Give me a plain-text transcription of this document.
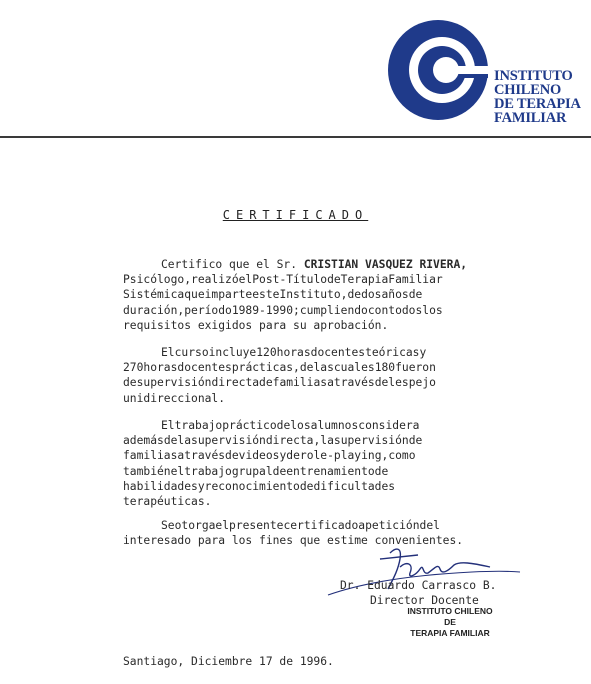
INSTITUTO
CHILENO
DE TERAPIA
FAMILIAR
CERTIFICADO
Certifico que el Sr. CRISTIAN VASQUEZ RIVERA,
Psicólogo,realizóelPost-TítulodeTerapiaFamiliar
SistémicaqueimparteesteInstituto,dedosañosde
duración,período1989-1990;cumpliendocontodoslos
requisitos exigidos para su aprobación.
Elcursoincluye120horasdocentesteóricasy
270horasdocentesprácticas,delascuales180fueron
desupervisióndirectadefamiliasatravésdelespejo
unidireccional.
Eltrabajoprácticodelosalumnosconsidera
ademásdelasupervisióndirecta,lasupervisiónde
familiasatravésdevideosyderole-playing,como
tambiéneltrabajogrupaldeentrenamientode
habilidadesyreconocimientodedificultades
terapéuticas.
Seotorgaelpresentecertificadoapeticióndel
interesado para los fines que estime convenientes.
Dr. Eduardo Carrasco B.
Director Docente
INSTITUTO CHILENO
DE
TERAPIA FAMILIAR
Santiago, Diciembre 17 de 1996.
